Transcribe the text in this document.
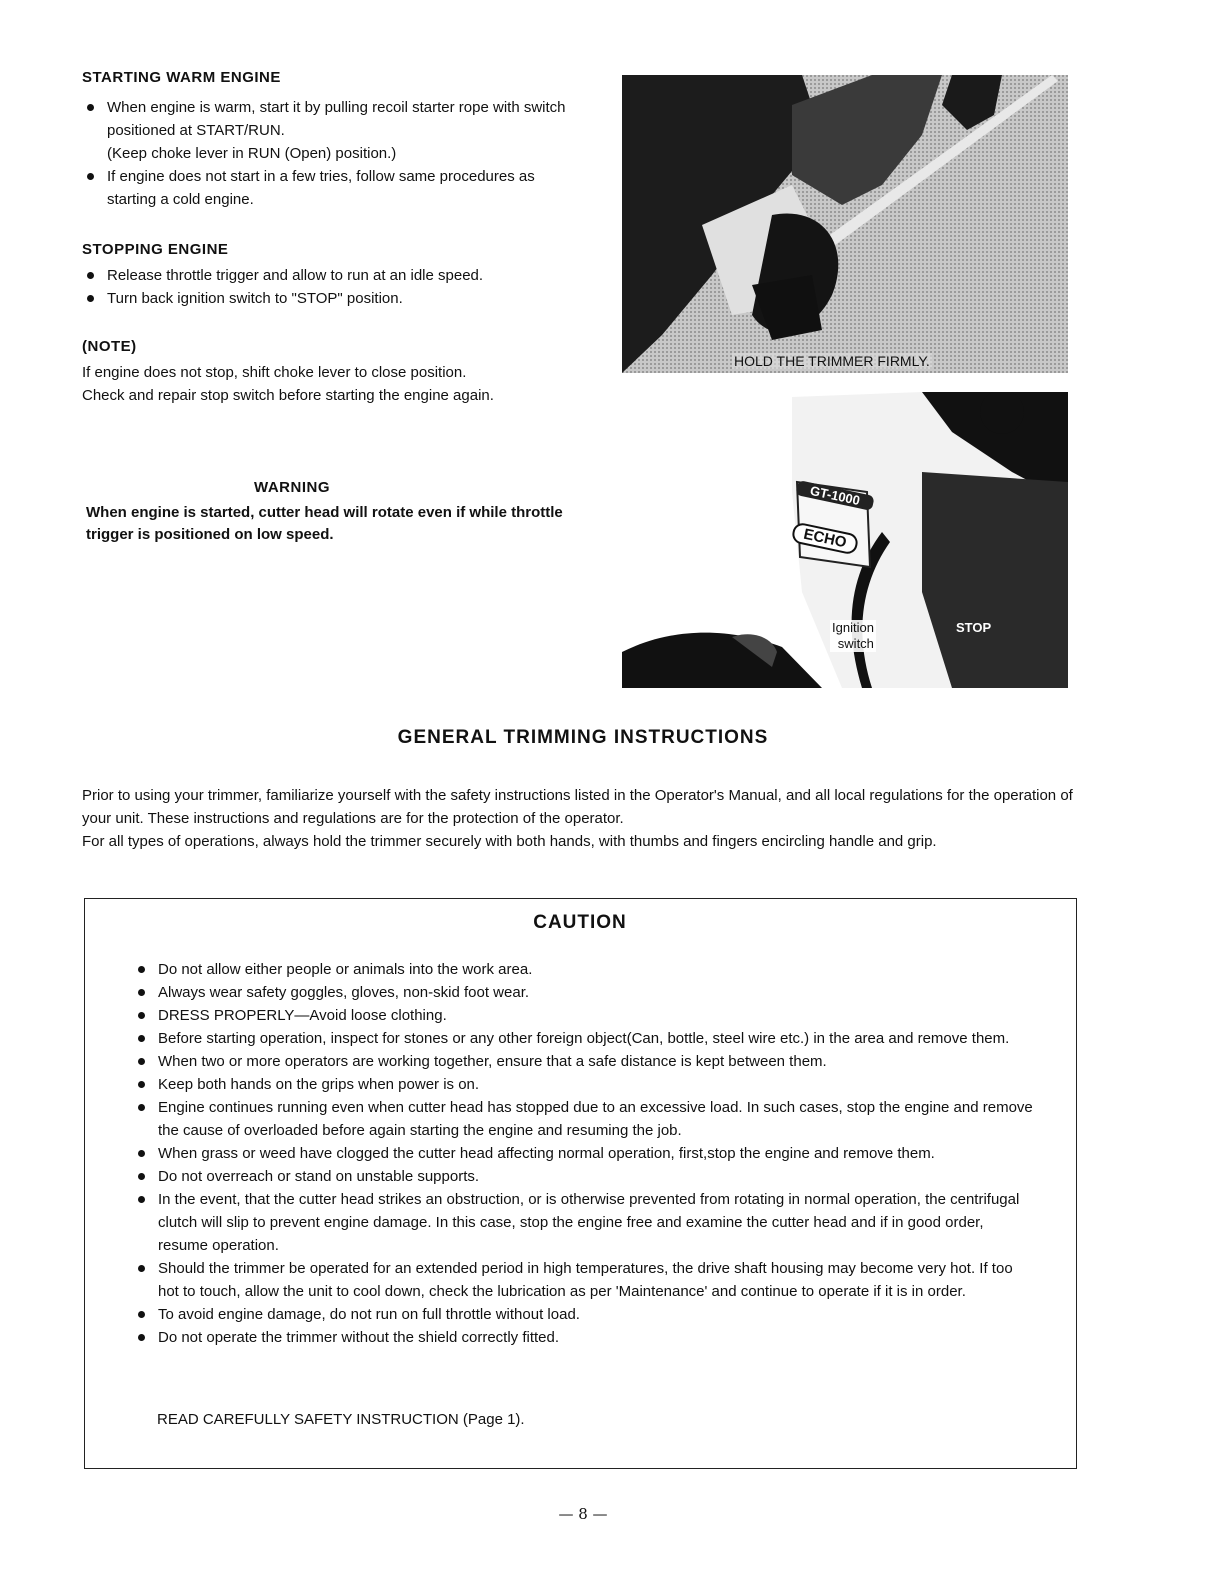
STARTING WARM ENGINE
When engine is warm, start it by pulling recoil starter rope with switch positioned at START/RUN.
(Keep choke lever in RUN (Open) position.)
If engine does not start in a few tries, follow same procedures as starting a cold engine.
STOPPING ENGINE
Release throttle trigger and allow to run at an idle speed.
Turn back ignition switch to "STOP" position.
(NOTE)
If engine does not stop, shift choke lever to close position.
Check and repair stop switch before starting the engine again.
WARNING
When engine is started, cutter head will rotate even if while throttle trigger is positioned on low speed.
HOLD THE TRIMMER FIRMLY.
GT-1000
ECHO
Ignition
switch
STOP
GENERAL TRIMMING INSTRUCTIONS
Prior to using your trimmer, familiarize yourself with the safety instructions listed in the Operator's Manual, and all local regulations for the operation of your unit. These instructions and regulations are for the protection of the operator.
For all types of operations, always hold the trimmer securely with both hands, with thumbs and fingers encircling handle and grip.
CAUTION
Do not allow either people or animals into the work area.
Always wear safety goggles, gloves, non-skid foot wear.
DRESS PROPERLY—Avoid loose clothing.
Before starting operation, inspect for stones or any other foreign object(Can, bottle, steel wire etc.) in the area and remove them.
When two or more operators are working together, ensure that a safe distance is kept between them.
Keep both hands on the grips when power is on.
Engine continues running even when cutter head has stopped due to an excessive load. In such cases, stop the engine and remove the cause of overloaded before again starting the engine and resuming the job.
When grass or weed have clogged the cutter head affecting normal operation, first,stop the engine and remove them.
Do not overreach or stand on unstable supports.
In the event, that the cutter head strikes an obstruction, or is otherwise prevented from rotating in normal operation, the centrifugal clutch will slip to prevent engine damage. In this case, stop the engine free and examine the cutter head and if in good order, resume operation.
Should the trimmer be operated for an extended period in high temperatures, the drive shaft housing may become very hot. If too hot to touch, allow the unit to cool down, check the lubrication as per 'Maintenance' and continue to operate if it is in order.
To avoid engine damage, do not run on full throttle without load.
Do not operate the trimmer without the shield correctly fitted.
READ CAREFULLY SAFETY INSTRUCTION (Page 1).
— 8 —
